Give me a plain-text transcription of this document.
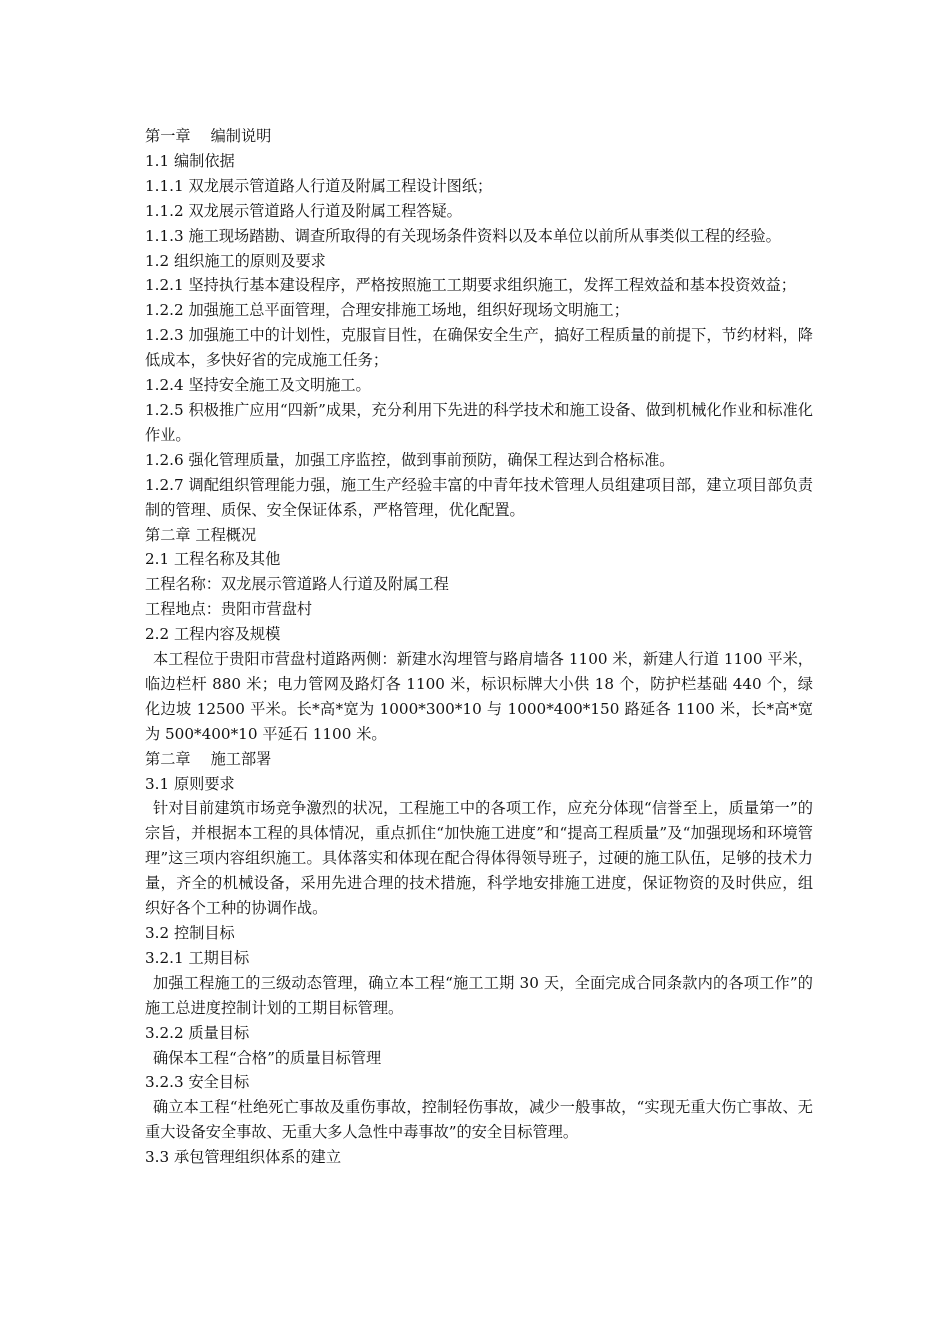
第一章　 编制说明

1.1 编制依据

1.1.1 双龙展示管道路人行道及附属工程设计图纸；

1.1.2 双龙展示管道路人行道及附属工程答疑。

1.1.3 施工现场踏勘、调查所取得的有关现场条件资料以及本单位以前所从事类似工程的经验。

1.2 组织施工的原则及要求

1.2.1 坚持执行基本建设程序，严格按照施工工期要求组织施工，发挥工程效益和基本投资效益；

1.2.2 加强施工总平面管理，合理安排施工场地，组织好现场文明施工；

1.2.3 加强施工中的计划性，克服盲目性，在确保安全生产，搞好工程质量的前提下，节约材料，降低成本，多快好省的完成施工任务；

1.2.4 坚持安全施工及文明施工。

1.2.5 积极推广应用“四新”成果，充分利用下先进的科学技术和施工设备、做到机械化作业和标准化作业。

1.2.6 强化管理质量，加强工序监控，做到事前预防，确保工程达到合格标准。

1.2.7 调配组织管理能力强，施工生产经验丰富的中青年技术管理人员组建项目部，建立项目部负责制的管理、质保、安全保证体系，严格管理，优化配置。

第二章 工程概况

2.1 工程名称及其他

工程名称：双龙展示管道路人行道及附属工程

工程地点：贵阳市营盘村

2.2 工程内容及规模

本工程位于贵阳市营盘村道路两侧：新建水沟埋管与路肩墙各 1100 米，新建人行道 1100 平米，临边栏杆 880 米；电力管网及路灯各 1100 米，标识标牌大小供 18 个，防护栏基础 440 个，绿化边坡 12500 平米。长*高*宽为 1000*300*10 与 1000*400*150 路延各 1100 米，长*高*宽为 500*400*10 平延石 1100 米。

第二章　 施工部署

3.1 原则要求

针对目前建筑市场竞争激烈的状况，工程施工中的各项工作，应充分体现“信誉至上，质量第一”的宗旨，并根据本工程的具体情况，重点抓住“加快施工进度”和“提高工程质量”及“加强现场和环境管理”这三项内容组织施工。具体落实和体现在配合得体得领导班子，过硬的施工队伍，足够的技术力量，齐全的机械设备，采用先进合理的技术措施，科学地安排施工进度，保证物资的及时供应，组织好各个工种的协调作战。

3.2 控制目标

3.2.1 工期目标

加强工程施工的三级动态管理，确立本工程“施工工期 30 天，全面完成合同条款内的各项工作”的施工总进度控制计划的工期目标管理。

3.2.2 质量目标

确保本工程“合格”的质量目标管理

3.2.3 安全目标

确立本工程“杜绝死亡事故及重伤事故，控制轻伤事故，减少一般事故，“实现无重大伤亡事故、无重大设备安全事故、无重大多人急性中毒事故”的安全目标管理。

3.3 承包管理组织体系的建立
